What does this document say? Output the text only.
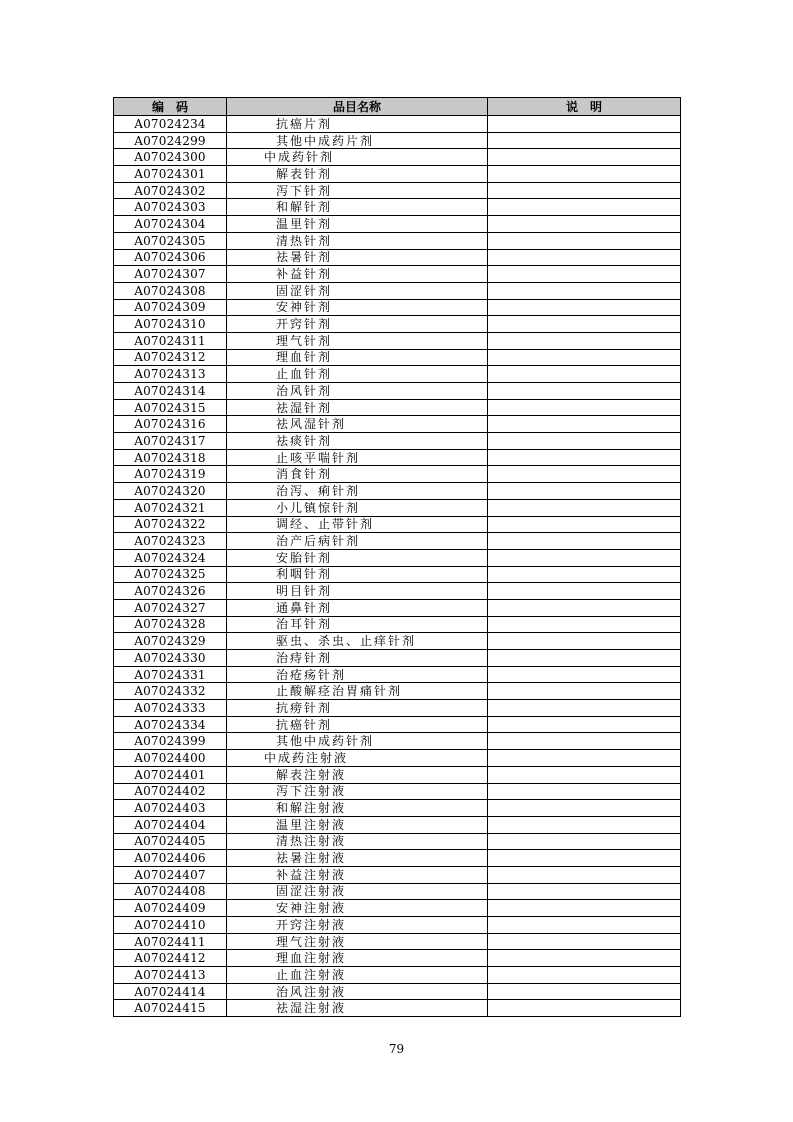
编　码	品目名称	说　明
A07024234	抗癌片剂	
A07024299	其他中成药片剂	
A07024300	中成药针剂	
A07024301	解表针剂	
A07024302	泻下针剂	
A07024303	和解针剂	
A07024304	温里针剂	
A07024305	清热针剂	
A07024306	祛暑针剂	
A07024307	补益针剂	
A07024308	固涩针剂	
A07024309	安神针剂	
A07024310	开窍针剂	
A07024311	理气针剂	
A07024312	理血针剂	
A07024313	止血针剂	
A07024314	治风针剂	
A07024315	祛湿针剂	
A07024316	祛风湿针剂	
A07024317	祛痰针剂	
A07024318	止咳平喘针剂	
A07024319	消食针剂	
A07024320	治泻、痢针剂	
A07024321	小儿镇惊针剂	
A07024322	调经、止带针剂	
A07024323	治产后病针剂	
A07024324	安胎针剂	
A07024325	利咽针剂	
A07024326	明目针剂	
A07024327	通鼻针剂	
A07024328	治耳针剂	
A07024329	驱虫、杀虫、止痒针剂	
A07024330	治痔针剂	
A07024331	治疮疡针剂	
A07024332	止酸解痉治胃痛针剂	
A07024333	抗痨针剂	
A07024334	抗癌针剂	
A07024399	其他中成药针剂	
A07024400	中成药注射液	
A07024401	解表注射液	
A07024402	泻下注射液	
A07024403	和解注射液	
A07024404	温里注射液	
A07024405	清热注射液	
A07024406	祛暑注射液	
A07024407	补益注射液	
A07024408	固涩注射液	
A07024409	安神注射液	
A07024410	开窍注射液	
A07024411	理气注射液	
A07024412	理血注射液	
A07024413	止血注射液	
A07024414	治风注射液	
A07024415	祛湿注射液	
79
